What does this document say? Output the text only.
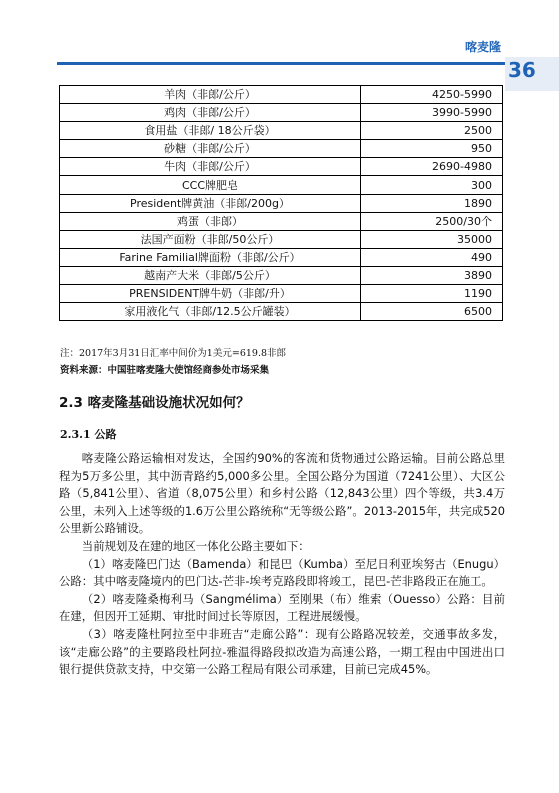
喀麦隆
36
羊肉（非郎/公斤）	4250-5990
鸡肉（非郎/公斤）	3990-5990
食用盐（非郎/ 18公斤袋）	2500
砂糖（非郎/公斤）	950
牛肉（非郎/公斤）	2690-4980
CCC牌肥皂	300
President牌黄油（非郎/200g）	1890
鸡蛋（非郎）	2500/30个
法国产面粉（非郎/50公斤）	35000
Farine Familial牌面粉（非郎/公斤）	490
越南产大米（非郎/5公斤）	3890
PRENSIDENT牌牛奶（非郎/升）	1190
家用液化气（非郎/12.5公斤罐装）	6500
注：2017年3月31日汇率中间价为1美元=619.8非郎
资料来源：中国驻喀麦隆大使馆经商参处市场采集
2.3 喀麦隆基础设施状况如何？
2.3.1 公路

喀麦隆公路运输相对发达，全国约90%的客流和货物通过公路运输。目前公路总里程为5万多公里，其中沥青路约5,000多公里。全国公路分为国道（7241公里）、大区公路（5,841公里）、省道（8,075公里）和乡村公路（12,843公里）四个等级，共3.4万公里，未列入上述等级的1.6万公里公路统称“无等级公路”。2013-2015年，共完成520公里新公路铺设。

当前规划及在建的地区一体化公路主要如下：

（1）喀麦隆巴门达（Bamenda）和昆巴（Kumba）至尼日利亚埃努古（Enugu）公路：其中喀麦隆境内的巴门达-芒非-埃考克路段即将竣工，昆巴-芒非路段正在施工。

（2）喀麦隆桑梅利马（Sangmélima）至刚果（布）维索（Ouesso）公路：目前在建，但因开工延期、审批时间过长等原因，工程进展缓慢。

（3）喀麦隆杜阿拉至中非班吉“走廊公路”：现有公路路况较差，交通事故多发，该“走廊公路”的主要路段杜阿拉-雅温得路段拟改造为高速公路，一期工程由中国进出口银行提供贷款支持，中交第一公路工程局有限公司承建，目前已完成45%。
